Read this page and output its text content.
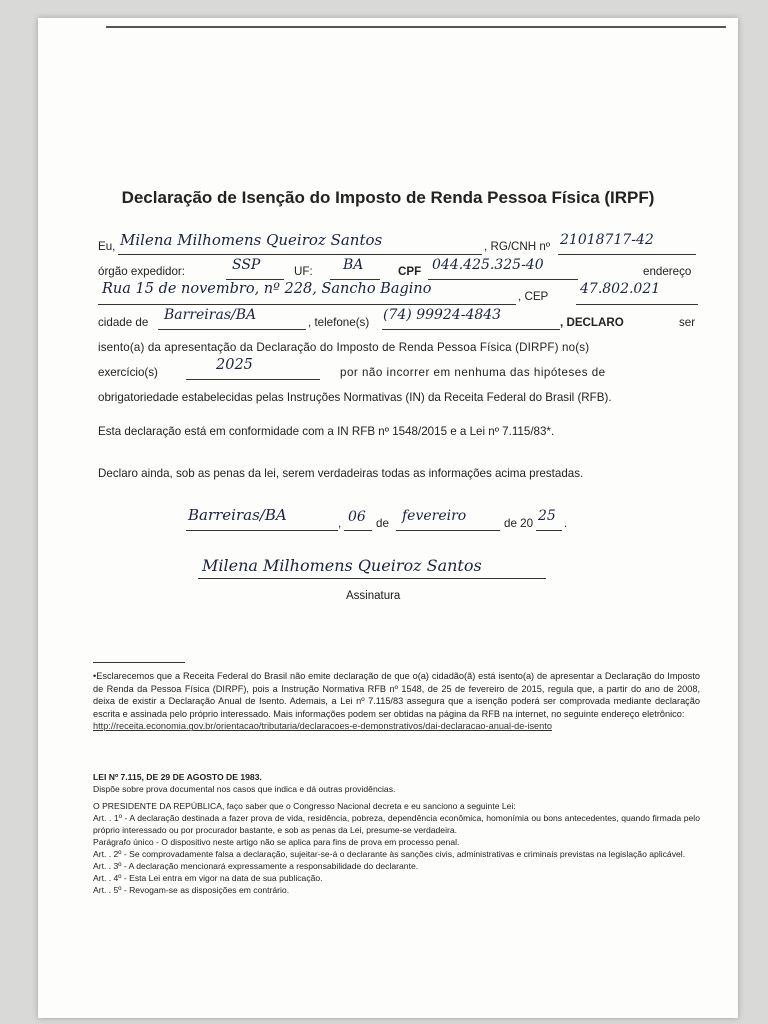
Declaração de Isenção do Imposto de Renda Pessoa Física (IRPF)
Eu, Milena Milhomens Queiroz Santos	, RG/CNH nº 21018717-42
órgão expedidor:	SSP	UF: BA	CPF 044.425.325-40	endereço
Rua 15 de novembro, nº 228, Sancho Bagino	, CEP 47.802.021
cidade de Barreiras/BA	, telefone(s) (74) 99924-4843	, DECLARO	ser
isento(a) da apresentação da Declaração do Imposto de Renda Pessoa Física (DIRPF) no(s)
exercício(s)	2025	por não incorrer em nenhuma das hipóteses de
obrigatoriedade estabelecidas pelas Instruções Normativas (IN) da Receita Federal do Brasil (RFB).
Esta declaração está em conformidade com a IN RFB nº 1548/2015 e a Lei nº 7.115/83*.
Declaro ainda, sob as penas da lei, serem verdadeiras todas as informações acima prestadas.
Barreiras/BA	, 06 de fevereiro	de 20 25 .
Milena Milhomens Queiroz Santos
Assinatura
•Esclarecemos que a Receita Federal do Brasil não emite declaração de que o(a) cidadão(ã) está isento(a) de apresentar a Declaração do Imposto de Renda da Pessoa Física (DIRPF), pois a Instrução Normativa RFB nº 1548, de 25 de fevereiro de 2015, regula que, a partir do ano de 2008, deixa de existir a Declaração Anual de Isento. Ademais, a Lei nº 7.115/83 assegura que a isenção poderá ser comprovada mediante declaração escrita e assinada pelo próprio interessado. Mais informações podem ser obtidas na página da RFB na internet, no seguinte endereço eletrônico:
http://receita.economia.gov.br/orientacao/tributaria/declaracoes-e-demonstrativos/dai-declaracao-anual-de-isento
LEI Nº 7.115, DE 29 DE AGOSTO DE 1983.
Dispõe sobre prova documental nos casos que indica e dá outras providências.
O PRESIDENTE DA REPÚBLICA, faço saber que o Congresso Nacional decreta e eu sanciono a seguinte Lei:
Art. . 1º - A declaração destinada a fazer prova de vida, residência, pobreza, dependência econômica, homonímia ou bons antecedentes, quando firmada pelo próprio interessado ou por procurador bastante, e sob as penas da Lei, presume-se verdadeira.
Parágrafo único - O dispositivo neste artigo não se aplica para fins de prova em processo penal.
Art. . 2º - Se comprovadamente falsa a declaração, sujeitar-se-á o declarante às sanções civis, administrativas e criminais previstas na legislação aplicável.
Art. . 3º - A declaração mencionará expressamente a responsabilidade do declarante.
Art. . 4º - Esta Lei entra em vigor na data de sua publicação.
Art. . 5º - Revogam-se as disposições em contrário.
